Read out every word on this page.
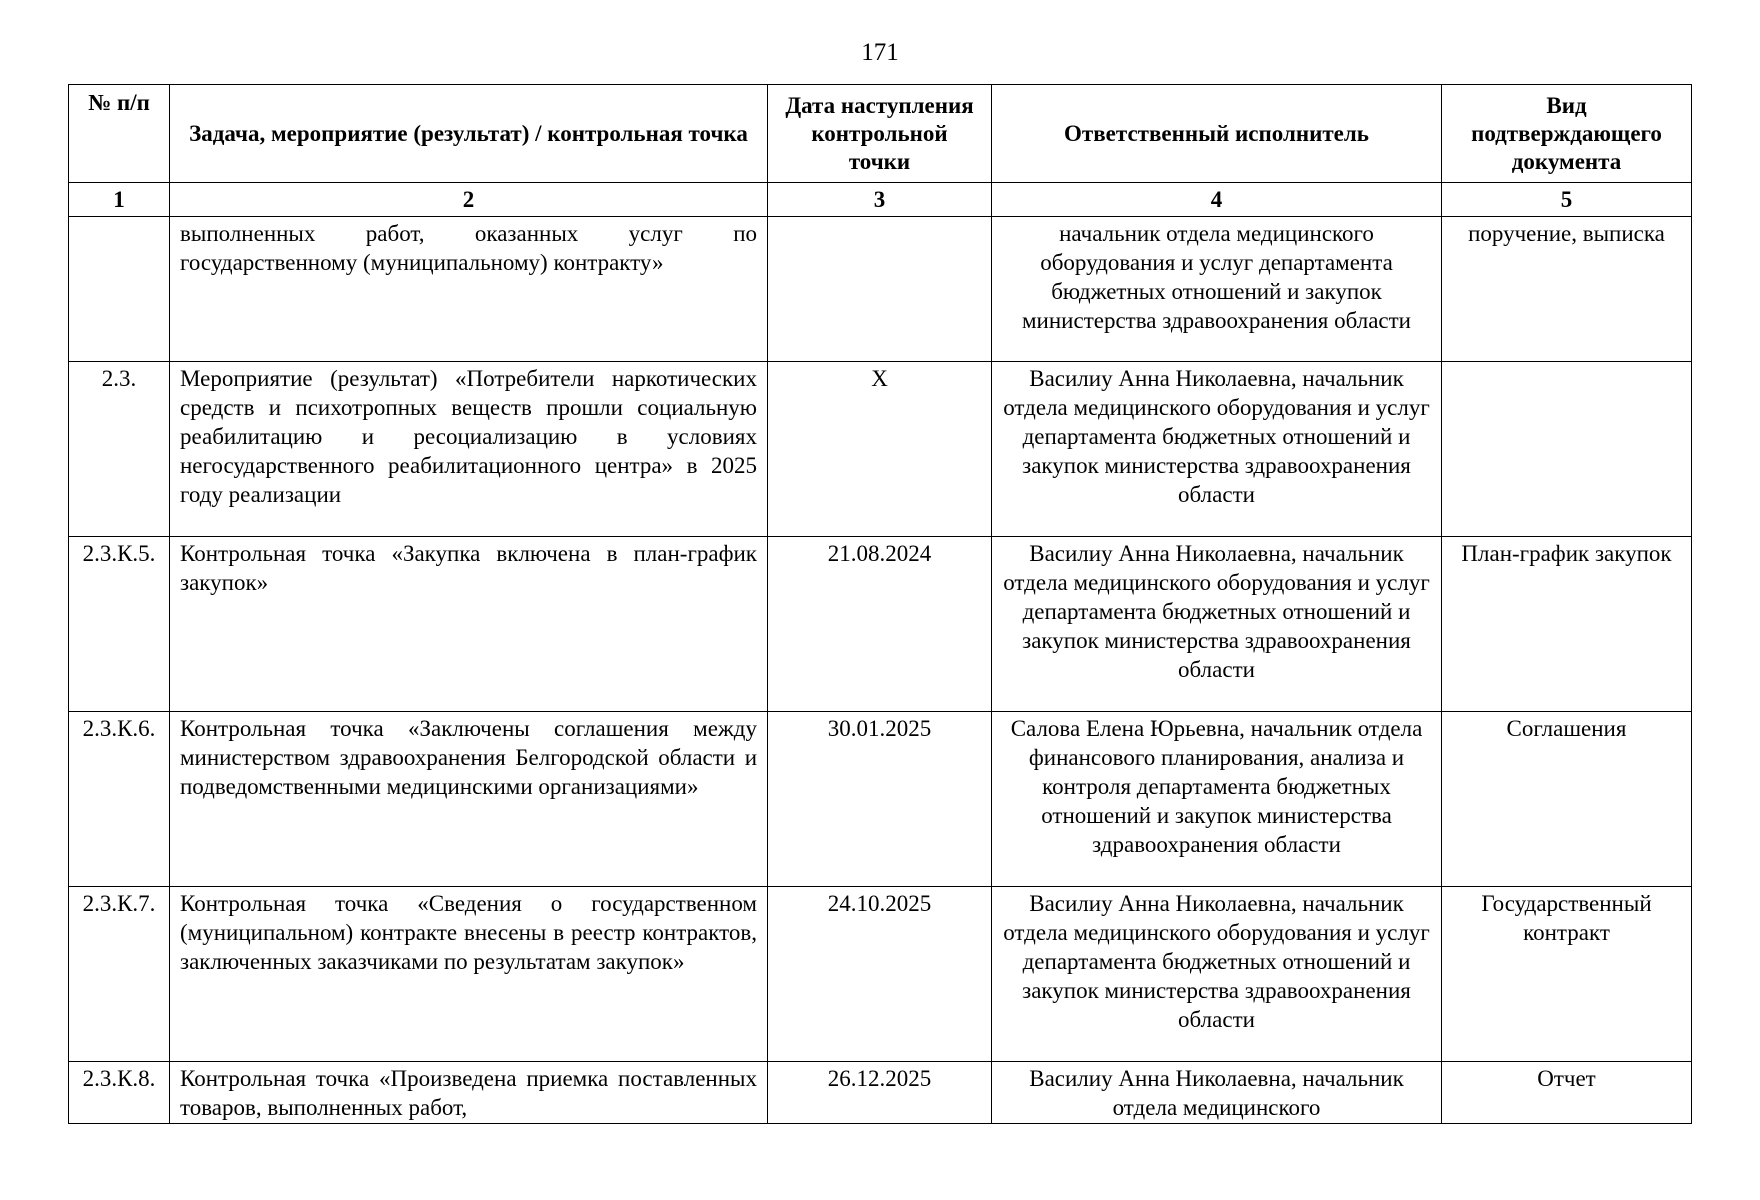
171
№ п/п	Задача, мероприятие (результат) / контрольная точка	Дата наступления контрольной точки	Ответственный исполнитель	Вид подтверждающего документа
1	2	3	4	5
	выполненных работ, оказанных услуг по государственному (муниципальному) контракту»		начальник отдела медицинского оборудования и услуг департамента бюджетных отношений и закупок министерства здравоохранения области	поручение, выписка
2.3.	Мероприятие (результат) «Потребители наркотических средств и психотропных веществ прошли социальную реабилитацию и ресоциализацию в условиях негосударственного реабилитационного центра» в 2025 году реализации	Х	Василиу Анна Николаевна, начальник отдела медицинского оборудования и услуг департамента бюджетных отношений и закупок министерства здравоохранения области	
2.3.К.5.	Контрольная точка «Закупка включена в план-график закупок»	21.08.2024	Василиу Анна Николаевна, начальник отдела медицинского оборудования и услуг департамента бюджетных отношений и закупок министерства здравоохранения области	План-график закупок
2.3.К.6.	Контрольная точка «Заключены соглашения между министерством здравоохранения Белгородской области и подведомственными медицинскими организациями»	30.01.2025	Салова Елена Юрьевна, начальник отдела финансового планирования, анализа и контроля департамента бюджетных отношений и закупок министерства здравоохранения области	Соглашения
2.3.К.7.	Контрольная точка «Сведения о государственном (муниципальном) контракте внесены в реестр контрактов, заключенных заказчиками по результатам закупок»	24.10.2025	Василиу Анна Николаевна, начальник отдела медицинского оборудования и услуг департамента бюджетных отношений и закупок министерства здравоохранения области	Государственный контракт
2.3.К.8.	Контрольная точка «Произведена приемка поставленных товаров, выполненных работ,	26.12.2025	Василиу Анна Николаевна, начальник отдела медицинского	Отчет
